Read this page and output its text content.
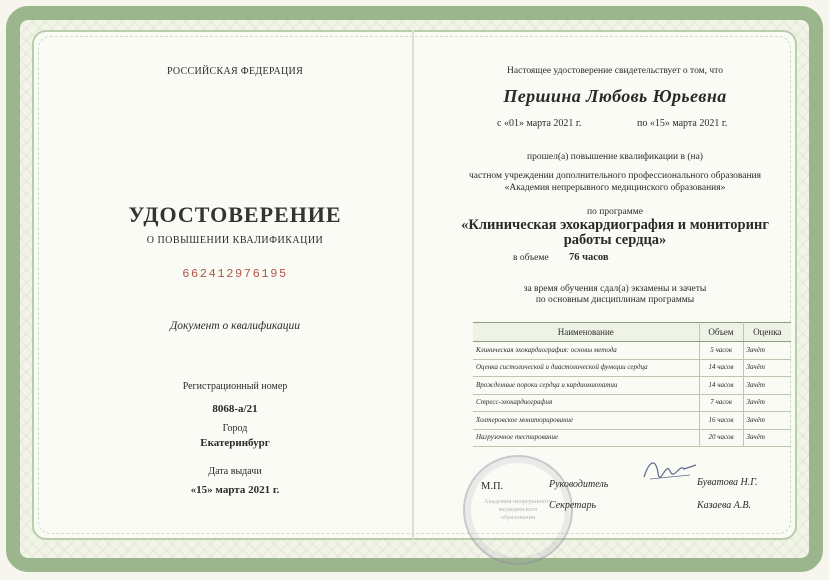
РОССИЙСКАЯ ФЕДЕРАЦИЯ
УДОСТОВЕРЕНИЕ
О ПОВЫШЕНИИ КВАЛИФИКАЦИИ
662412976195
Документ о квалификации
Регистрационный номер
8068-а/21
Город
Екатеринбург
Дата выдачи
«15» марта 2021 г.
Настоящее удостоверение свидетельствует о том, что
Першина Любовь Юрьевна
с «01» марта 2021 г.	по «15» марта 2021 г.
прошел(а) повышение квалификации в (на)
частном учреждении дополнительного профессионального образования
«Академия непрерывного медицинского образования»
по программе
«Клиническая эхокардиография и мониторинг
работы сердца»
в объеме 76 часов
за время обучения сдал(а) экзамены и зачеты
по основным дисциплинам программы
Наименование	Объем	Оценка
Клиническая эхокардиография: основы метода	5 часов	Зачёт
Оценка систолической и диастолической функции сердца	14 часов	Зачёт
Врожденные пороки сердца и кардиомиопатии	14 часов	Зачёт
Стресс-эхокардиография	7 часов	Зачёт
Холтеровское мониторирование	16 часов	Зачёт
Нагрузочное тестирование	20 часов	Зачёт
Академия непрерывного медицинского образования
М.П.	Руководитель
Секретарь
Буватова Н.Г.
Казаева А.В.
